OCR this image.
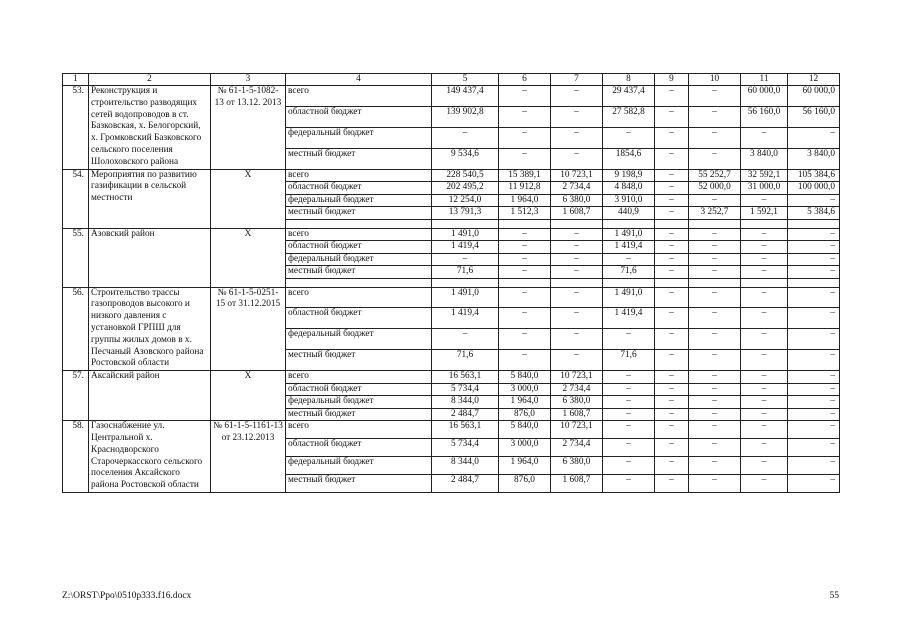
1	2	3	4	5	6	7	8	9	10	11	12
53.	Реконструкция и строительство разводящих сетей водопроводов в ст. Базковская, х. Белогорский, х. Громковский Базковского сельского поселения Шолоховского района	№ 61-1-5-1082-13 от 13.12. 2013	всего	149 437,4	–	–	29 437,4	–	–	60 000,0	60 000,0
			областной бюджет	139 902,8	–	–	27 582,8	–	–	56 160,0	56 160,0
			федеральный бюджет	–	–	–	–	–	–	–	–
			местный бюджет	9 534,6	–	–	1854,6	–	–	3 840,0	3 840,0
54.	Мероприятия по развитию газификации в сельской местности	Х	всего	228 540,5	15 389,1	10 723,1	9 198,9	–	55 252,7	32 592,1	105 384,6
			областной бюджет	202 495,2	11 912,8	2 734,4	4 848,0	–	52 000,0	31 000,0	100 000,0
			федеральный бюджет	12 254,0	1 964,0	6 380,0	3 910,0	–	–	–	–
			местный бюджет	13 791,3	1 512,3	1 608,7	440,9	–	3 252,7	1 592,1	5 384,6

55.	Азовский район	Х	всего	1 491,0	–	–	1 491,0	–	–	–	–
			областной бюджет	1 419,4	–	–	1 419,4	–	–	–	–
			федеральный бюджет	–	–	–	–	–	–	–	–
			местный бюджет	71,6	–	–	71,6	–	–	–	–

56.	Строительство трассы газопроводов высокого и низкого давления с установкой ГРПШ для группы жилых домов в х. Песчаный Азовского района Ростовской области	№ 61-1-5-0251-15 от 31.12.2015	всего	1 491,0	–	–	1 491,0	–	–	–	–
			областной бюджет	1 419,4	–	–	1 419,4	–	–	–	–
			федеральный бюджет	–	–	–	–	–	–	–	–
			местный бюджет	71,6	–	–	71,6	–	–	–	–
57.	Аксайский район	Х	всего	16 563,1	5 840,0	10 723,1	–	–	–	–	–
			областной бюджет	5 734,4	3 000,0	2 734,4	–	–	–	–	–
			федеральный бюджет	8 344,0	1 964,0	6 380,0	–	–	–	–	–
			местный бюджет	2 484,7	876,0	1 608,7	–	–	–	–	–
58.	Газоснабжение ул. Центральной х. Краснодворского Старочеркасского сельского поселения Аксайского района Ростовской области	№ 61-1-5-1161-13 от 23.12.2013	всего	16 563,1	5 840,0	10 723,1	–	–	–	–	–
			областной бюджет	5 734,4	3 000,0	2 734,4	–	–	–	–	–
			федеральный бюджет	8 344,0	1 964,0	6 380,0	–	–	–	–	–
			местный бюджет	2 484,7	876,0	1 608,7	–	–	–	–	–
Z:\ORST\Ppo\0510p333.f16.docx	55
